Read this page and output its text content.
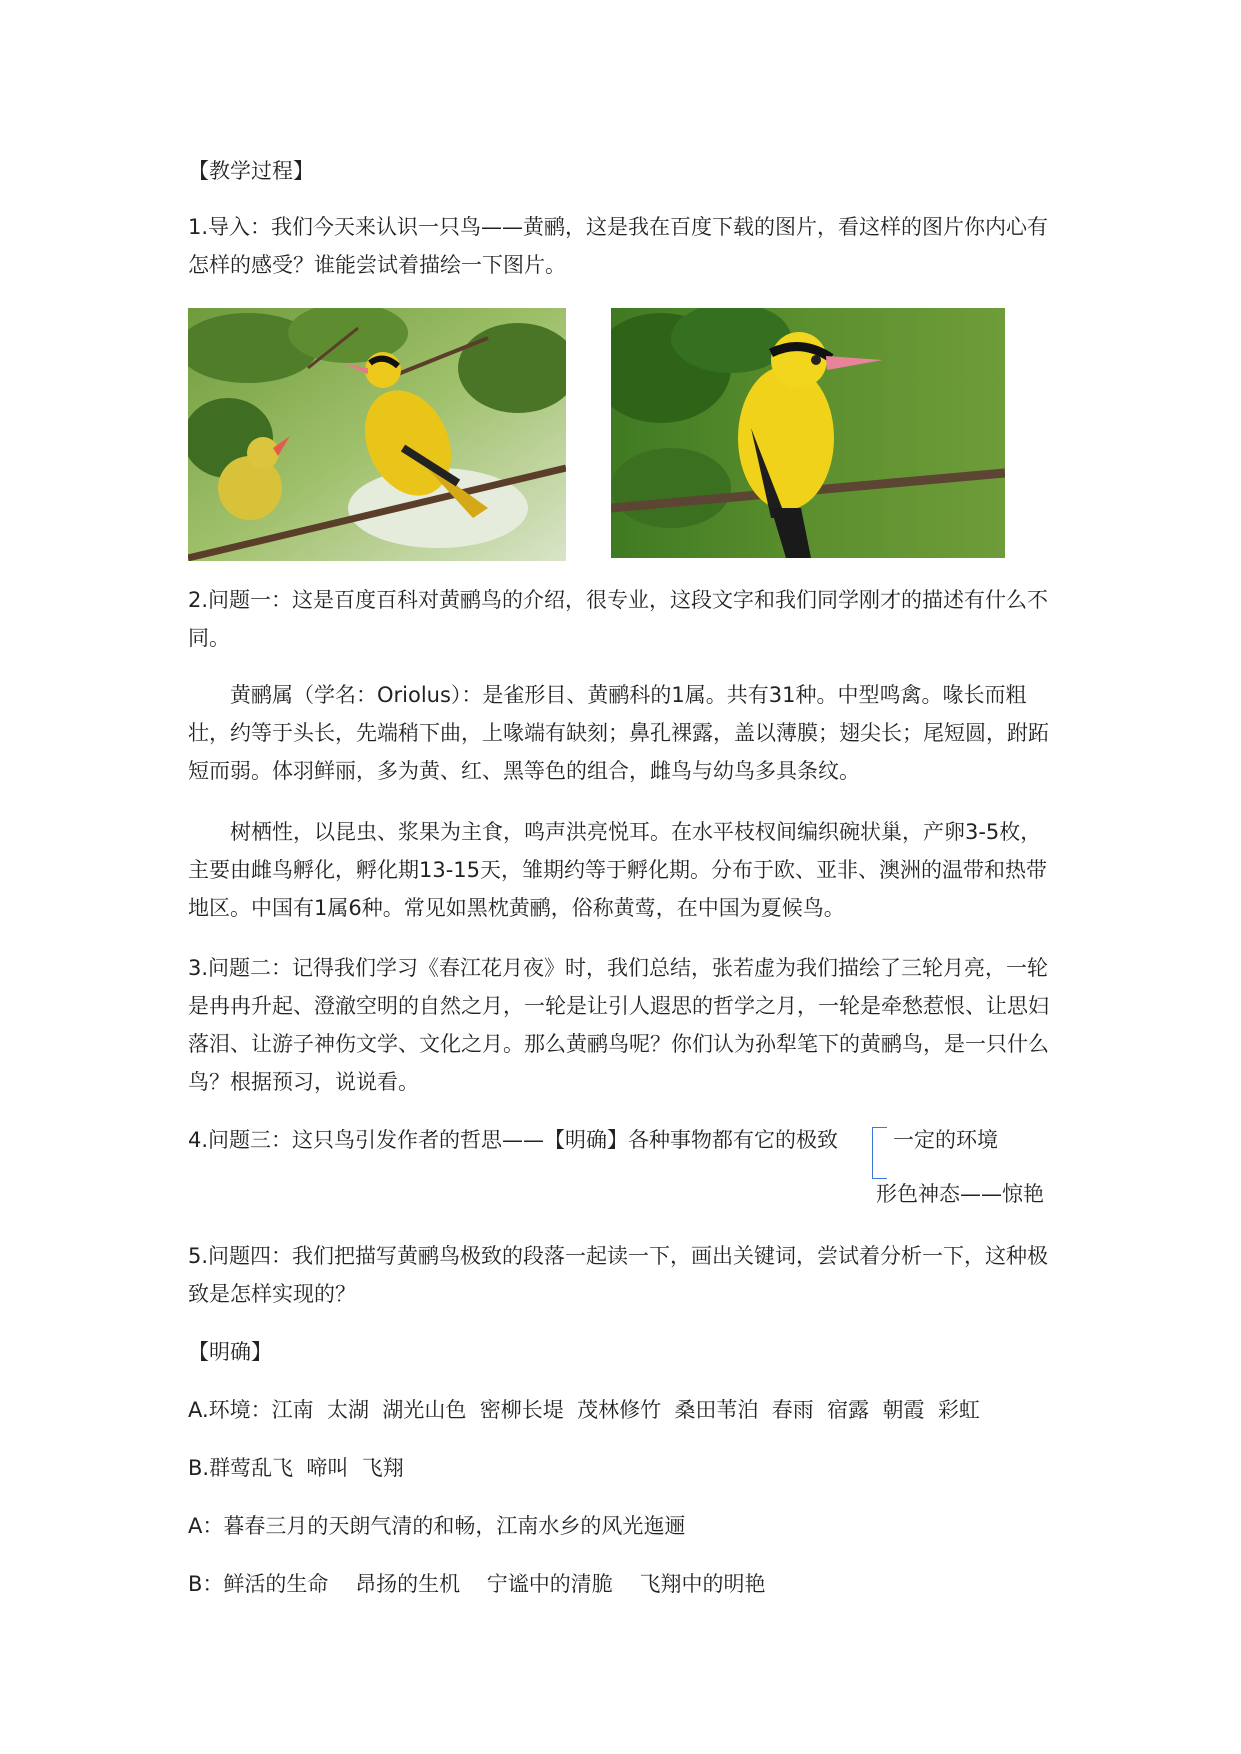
【教学过程】

1.导入：我们今天来认识一只鸟——黄鹂，这是我在百度下载的图片，看这样的图片你内心有怎样的感受？谁能尝试着描绘一下图片。

2.问题一：这是百度百科对黄鹂鸟的介绍，很专业，这段文字和我们同学刚才的描述有什么不同。

黄鹂属（学名：Oriolus）：是雀形目、黄鹂科的1属。共有31种。中型鸣禽。喙长而粗壮，约等于头长，先端稍下曲，上喙端有缺刻；鼻孔裸露，盖以薄膜；翅尖长；尾短圆，跗跖短而弱。体羽鲜丽，多为黄、红、黑等色的组合，雌鸟与幼鸟多具条纹。

树栖性，以昆虫、浆果为主食，鸣声洪亮悦耳。在水平枝杈间编织碗状巢，产卵3-5枚，主要由雌鸟孵化，孵化期13-15天，雏期约等于孵化期。分布于欧、亚非、澳洲的温带和热带地区。中国有1属6种。常见如黑枕黄鹂，俗称黄莺，在中国为夏候鸟。

3.问题二：记得我们学习《春江花月夜》时，我们总结，张若虚为我们描绘了三轮月亮，一轮是冉冉升起、澄澈空明的自然之月，一轮是让引人遐思的哲学之月，一轮是牵愁惹恨、让思妇落泪、让游子神伤文学、文化之月。那么黄鹂鸟呢？你们认为孙犁笔下的黄鹂鸟，是一只什么鸟？根据预习，说说看。

4.问题三：这只鸟引发作者的哲思——【明确】各种事物都有它的极致	一定的环境
形色神态——惊艳

5.问题四：我们把描写黄鹂鸟极致的段落一起读一下，画出关键词，尝试着分析一下，这种极致是怎样实现的？

【明确】

A.环境：江南  太湖  湖光山色  密柳长堤  茂林修竹  桑田苇泊  春雨  宿露  朝霞  彩虹

B.群莺乱飞  啼叫  飞翔

A：暮春三月的天朗气清的和畅，江南水乡的风光迤逦

B：鲜活的生命    昂扬的生机    宁谧中的清脆    飞翔中的明艳
